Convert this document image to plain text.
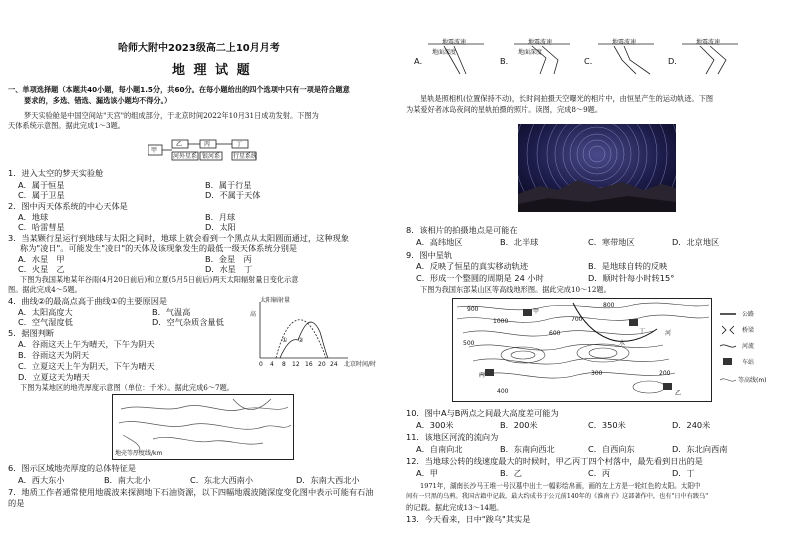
哈师大附中2023级高二上10月月考
地 理 试 题
一、单项选择题（本题共40小题，每小题1.5分，共60分。在每小题给出的四个选项中只有一项是符合题意
要求的，多选、错选、漏选该小题均不得分。）
梦天实验舱是中国空间站"天宫"的组成部分，于北京时间2022年10月31日成功发射。下图为
天体系统示意图。据此完成1～3题。
甲
乙
河外星系
丙
银河系
丁
行星系统
1．进入太空的梦天实验舱
A．属于恒星	B．属于行星
C．属于卫星	D．不属于天体
2．图中丙天体系统的中心天体是
A．地球	B．月球
C．哈雷彗星	D．太阳
3．当某颗行星运行到地球与太阳之间时，地球上就会看到一个黑点从太阳圆面通过，这种现象
称为"凌日"。可能发生"凌日"的天体及该现象发生的最低一级天体系统分别是
A．水星　甲	B．金星　丙
C．火星　乙	D．水星　丁
下图为我国某地某年谷雨(4月20日前后)和立夏(5月5日前后)两天太阳辐射量日变化示意
图。据此完成4～5题。
4．曲线②的最高点高于曲线①的主要原因是
A．太阳高度大	B．气温高
C．空气湿度低	D．空气杂质含量低
5．据图判断
A．谷雨这天上午为晴天，下午为阴天
B．谷雨这天为阴天
C．立夏这天上午为阴天，下午为晴天
D．立夏这天为晴天
太阳辐射量
高
① ②
0 4 8 12 16 20 24 北京时间/时
下图为某地区的地壳厚度示意图（单位：千米）。据此完成6～7题。
地壳等厚度线/km
6．图示区域地壳厚度的总体特征是
A．西大东小	B．南大北小	C．东北大西南小	D．东南大西北小
7．地质工作者通常使用地震波来探测地下石油资源，以下四幅地震波随深度变化图中表示可能有石油
的是
A．	B．	C．	D．
地震波速	地震波速	地震波速	地震波速
地面深度	地面深度
星轨是照相机(位置保持不动)，长时间拍摄天空曝光的相片中，由恒星产生的运动轨迹。下图
为某爱好者冰岛夜间的星轨拍摄的照片。读图，完成8～9题。
8．该相片的拍摄地点是可能在
A．高纬地区	B．北半球	C．寒带地区	D．北京地区
9．图中星轨
A．反映了恒星的真实移动轨迹	B．是地球自转的反映
C．形成一个整圆的周期是 24 小时	D．顺时针每小时转15°
下图为我国东部某山区等高线地形图。据此完成10～12题。
900
1000
800
700
600
500
300
400
200
甲
丁
丙
乙
河
水
公路
桥梁
河流
车站
等高线(m)
10．图中A与B两点之间最大高度差可能为
A．300米	B．200米	C．350米	D．240米
11．该地区河流的流向为
A．自南向北	B．东南向西北	C．自西向东	D．东北向西南
12．当地球公转的线速度最大的时候时，甲乙丙丁四个村落中，最先看到日出的是
A．甲	B．乙	C．丙	D．丁
1971年，湖南长沙马王堆一号汉墓中出土一幅彩绘帛画，画的左上方是一轮红色的太阳。太阳中
间有一只黑的乌鸦。我国古籍中记载，最大约成书于公元前140年的《淮南子》这部著作中，也有"日中有踆乌"
的记载。据此完成13～14题。
13．今天看来，日中"踆乌"其实是
